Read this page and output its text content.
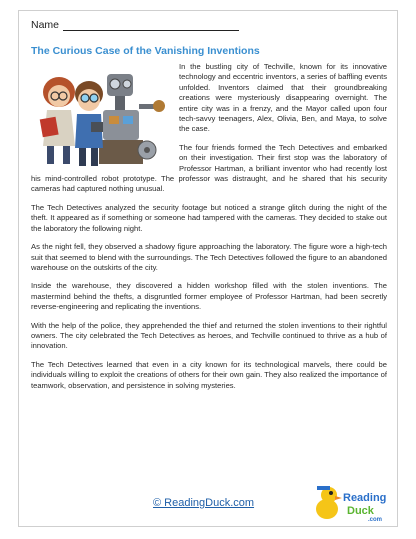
Name
The Curious Case of the Vanishing Inventions

In the bustling city of Techville, known for its innovative technology and eccentric inventors, a series of baffling events unfolded. Inventors claimed that their groundbreaking creations were mysteriously disappearing overnight. The entire city was in a frenzy, and the Mayor called upon four tech-savvy teenagers, Alex, Olivia, Ben, and Maya, to solve the case.

The four friends formed the Tech Detectives and embarked on their investigation. Their first stop was the laboratory of Professor Hartman, a brilliant inventor who had recently lost his mind-controlled robot prototype. The professor was distraught, and he shared that his security cameras had captured nothing unusual.

The Tech Detectives analyzed the security footage but noticed a strange glitch during the night of the theft. It appeared as if something or someone had tampered with the cameras. They decided to stake out the laboratory the following night.

As the night fell, they observed a shadowy figure approaching the laboratory. The figure wore a high-tech suit that seemed to blend with the surroundings. The Tech Detectives followed the figure to an abandoned warehouse on the outskirts of the city.

Inside the warehouse, they discovered a hidden workshop filled with the stolen inventions. The mastermind behind the thefts, a disgruntled former employee of Professor Hartman, had been secretly reverse-engineering and replicating the inventions.

With the help of the police, they apprehended the thief and returned the stolen inventions to their rightful owners. The city celebrated the Tech Detectives as heroes, and Techville continued to thrive as a hub of innovation.

The Tech Detectives learned that even in a city known for its technological marvels, there could be individuals willing to exploit the creations of others for their own gain. They also realized the importance of teamwork, observation, and persistence in solving mysteries.

© ReadingDuck.com	Reading
Duck
.com
